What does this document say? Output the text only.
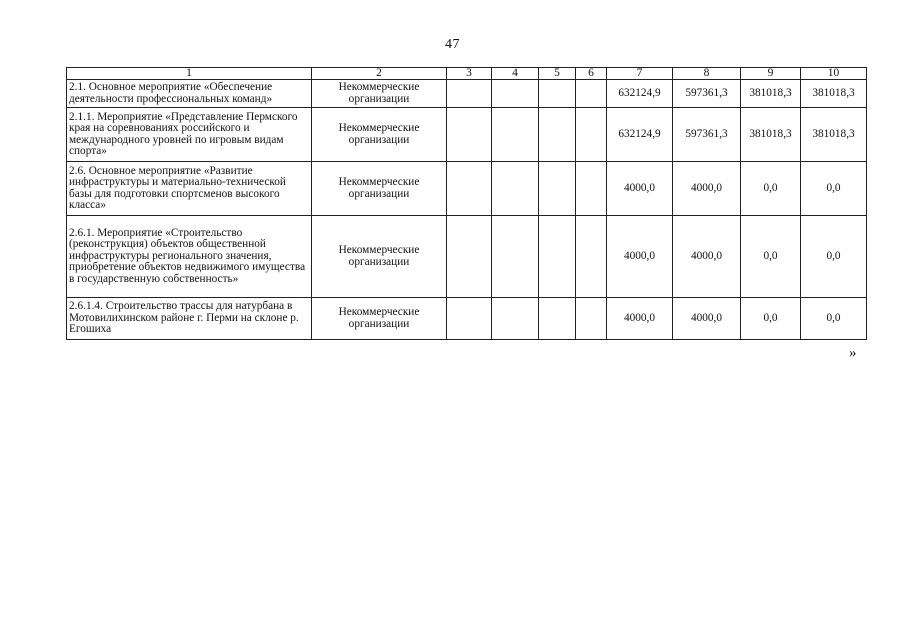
47
1	2	3	4	5	6	7	8	9	10
2.1. Основное мероприятие «Обеспечение деятельности профессиональных команд»	Некоммерческие организации					632124,9	597361,3	381018,3	381018,3
2.1.1. Мероприятие «Представление Пермского края на соревнованиях российского и международного уровней по игровым видам спорта»	Некоммерческие организации					632124,9	597361,3	381018,3	381018,3
2.6. Основное мероприятие «Развитие инфраструктуры и материально-технической базы для подготовки спортсменов высокого класса»	Некоммерческие организации					4000,0	4000,0	0,0	0,0
2.6.1. Мероприятие «Строительство (реконструкция) объектов общественной инфраструктуры регионального значения, приобретение объектов недвижимого имущества в государственную собственность»	Некоммерческие организации					4000,0	4000,0	0,0	0,0
2.6.1.4. Строительство трассы для натурбана в Мотовилихинском районе г. Перми на склоне р. Егошиха	Некоммерческие организации					4000,0	4000,0	0,0	0,0
»
